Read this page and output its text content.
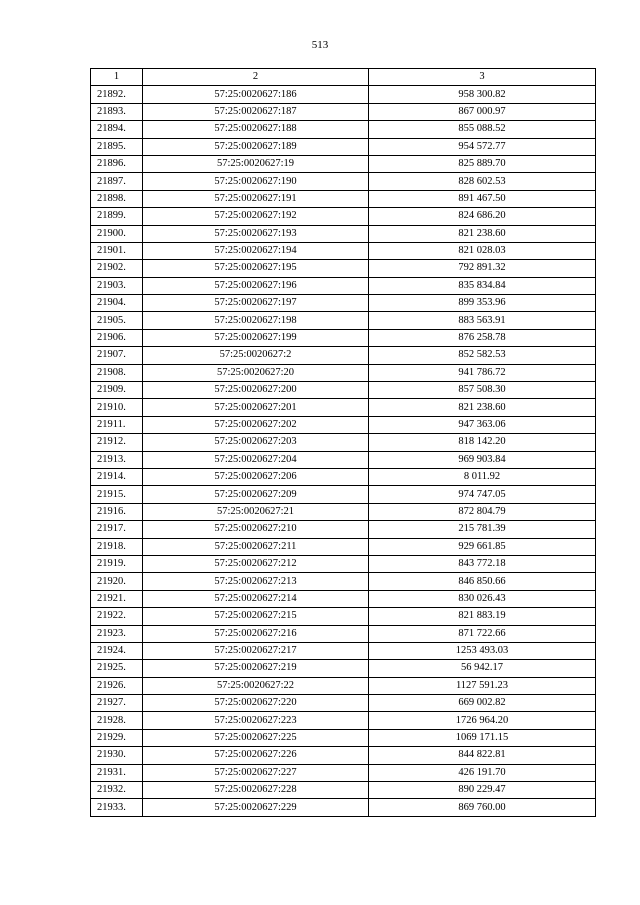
513
1	2	3
21892.	57:25:0020627:186	958 300.82
21893.	57:25:0020627:187	867 000.97
21894.	57:25:0020627:188	855 088.52
21895.	57:25:0020627:189	954 572.77
21896.	57:25:0020627:19	825 889.70
21897.	57:25:0020627:190	828 602.53
21898.	57:25:0020627:191	891 467.50
21899.	57:25:0020627:192	824 686.20
21900.	57:25:0020627:193	821 238.60
21901.	57:25:0020627:194	821 028.03
21902.	57:25:0020627:195	792 891.32
21903.	57:25:0020627:196	835 834.84
21904.	57:25:0020627:197	899 353.96
21905.	57:25:0020627:198	883 563.91
21906.	57:25:0020627:199	876 258.78
21907.	57:25:0020627:2	852 582.53
21908.	57:25:0020627:20	941 786.72
21909.	57:25:0020627:200	857 508.30
21910.	57:25:0020627:201	821 238.60
21911.	57:25:0020627:202	947 363.06
21912.	57:25:0020627:203	818 142.20
21913.	57:25:0020627:204	969 903.84
21914.	57:25:0020627:206	8 011.92
21915.	57:25:0020627:209	974 747.05
21916.	57:25:0020627:21	872 804.79
21917.	57:25:0020627:210	215 781.39
21918.	57:25:0020627:211	929 661.85
21919.	57:25:0020627:212	843 772.18
21920.	57:25:0020627:213	846 850.66
21921.	57:25:0020627:214	830 026.43
21922.	57:25:0020627:215	821 883.19
21923.	57:25:0020627:216	871 722.66
21924.	57:25:0020627:217	1253 493.03
21925.	57:25:0020627:219	56 942.17
21926.	57:25:0020627:22	1127 591.23
21927.	57:25:0020627:220	669 002.82
21928.	57:25:0020627:223	1726 964.20
21929.	57:25:0020627:225	1069 171.15
21930.	57:25:0020627:226	844 822.81
21931.	57:25:0020627:227	426 191.70
21932.	57:25:0020627:228	890 229.47
21933.	57:25:0020627:229	869 760.00
